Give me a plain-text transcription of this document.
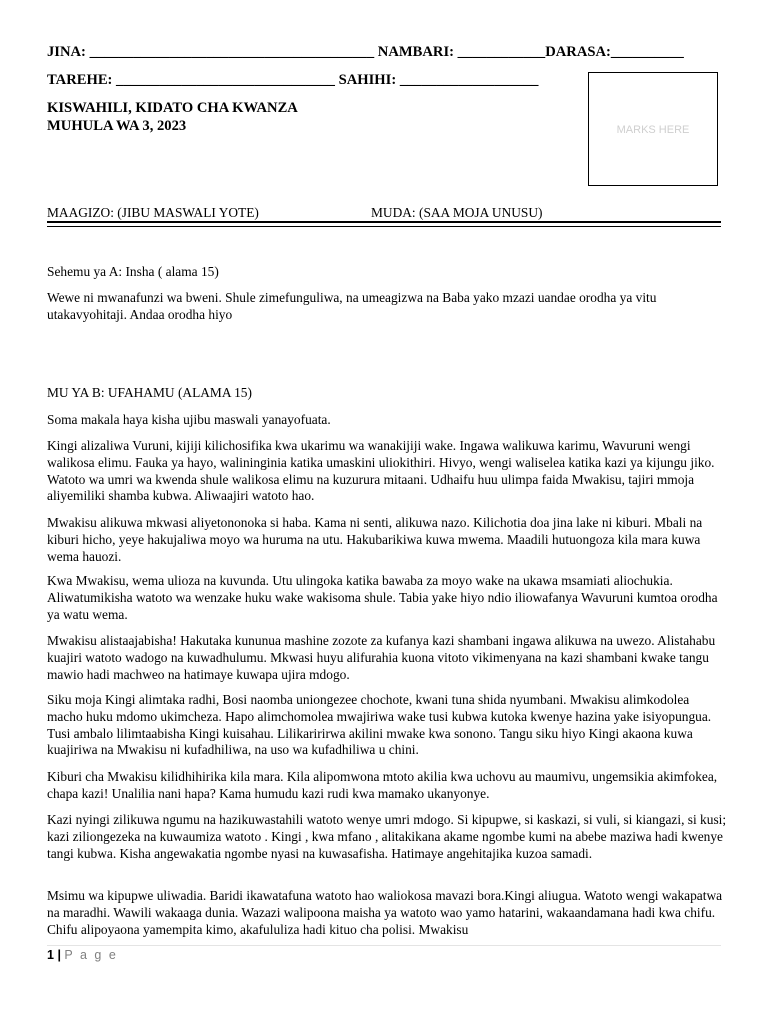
JINA: _______________________________________ NAMBARI: ____________DARASA:__________
TAREHE: ______________________________ SAHIHI: ___________________
KISWAHILI, KIDATO CHA KWANZA
MUHULA WA 3, 2023	MARKS HERE
MAAGIZO: (JIBU MASWALI YOTE)	MUDA: (SAA MOJA UNUSU)

Sehemu ya A: Insha ( alama 15)

Wewe ni mwanafunzi wa bweni. Shule zimefunguliwa, na umeagizwa na Baba yako mzazi uandae orodha ya vitu utakavyohitaji. Andaa orodha hiyo

MU YA B: UFAHAMU (ALAMA 15)

Soma makala haya kisha ujibu maswali yanayofuata.

Kingi alizaliwa Vuruni, kijiji kilichosifika kwa ukarimu wa wanakijiji wake. Ingawa walikuwa karimu, Wavuruni wengi walikosa elimu. Fauka ya hayo, walininginia katika umaskini uliokithiri. Hivyo, wengi waliselea katika kazi ya kijungu jiko. Watoto wa umri wa kwenda shule walikosa elimu na kuzurura mitaani. Udhaifu huu ulimpa faida Mwakisu, tajiri mmoja aliyemiliki shamba kubwa. Aliwaajiri watoto hao.

Mwakisu alikuwa mkwasi aliyetononoka si haba. Kama ni senti, alikuwa nazo. Kilichotia doa jina lake ni kiburi. Mbali na kiburi hicho, yeye hakujaliwa moyo wa huruma na utu. Hakubarikiwa kuwa mwema. Maadili hutuongoza kila mara kuwa wema hauozi.

Kwa Mwakisu, wema ulioza na kuvunda. Utu ulingoka katika bawaba za moyo wake na ukawa msamiati aliochukia. Aliwatumikisha watoto wa wenzake huku wake wakisoma shule. Tabia yake hiyo ndio iliowafanya Wavuruni kumtoa orodha ya watu wema.

Mwakisu alistaajabisha! Hakutaka kununua mashine zozote za kufanya kazi shambani ingawa alikuwa na uwezo. Alistahabu kuajiri watoto wadogo na kuwadhulumu. Mkwasi huyu alifurahia kuona vitoto vikimenyana na kazi shambani kwake tangu mawio hadi machweo na hatimaye kuwapa ujira mdogo.

Siku moja Kingi alimtaka radhi, Bosi naomba uniongezee chochote, kwani tuna shida nyumbani. Mwakisu alimkodolea macho huku mdomo ukimcheza. Hapo alimchomolea mwajiriwa wake tusi kubwa kutoka kwenye hazina yake isiyopungua. Tusi ambalo lilimtaabisha Kingi kuisahau. Lilikaririrwa akilini mwake kwa sonono. Tangu siku hiyo Kingi akaona kuwa kuajiriwa na Mwakisu ni kufadhiliwa, na uso wa kufadhiliwa u chini.

Kiburi cha Mwakisu kilidhihirika kila mara. Kila alipomwona mtoto akilia kwa uchovu au maumivu, ungemsikia akimfokea, chapa kazi! Unalilia nani hapa? Kama humudu kazi rudi kwa mamako ukanyonye.

Kazi nyingi zilikuwa ngumu na hazikuwastahili watoto wenye umri mdogo. Si kipupwe, si kaskazi, si vuli, si kiangazi, si kusi; kazi ziliongezeka na kuwaumiza watoto . Kingi , kwa mfano , alitakikana akame ngombe kumi na abebe maziwa hadi kwenye tangi kubwa. Kisha angewakatia ngombe nyasi na kuwasafisha. Hatimaye angehitajika kuzoa samadi.

Msimu wa kipupwe uliwadia. Baridi ikawatafuna watoto hao waliokosa mavazi bora.Kingi aliugua. Watoto wengi wakapatwa na maradhi. Wawili wakaaga dunia. Wazazi walipoona maisha ya watoto wao yamo hatarini, wakaandamana hadi kwa chifu. Chifu alipoyaona yamempita kimo, akafululiza hadi kituo cha polisi. Mwakisu

1 | P a g e
